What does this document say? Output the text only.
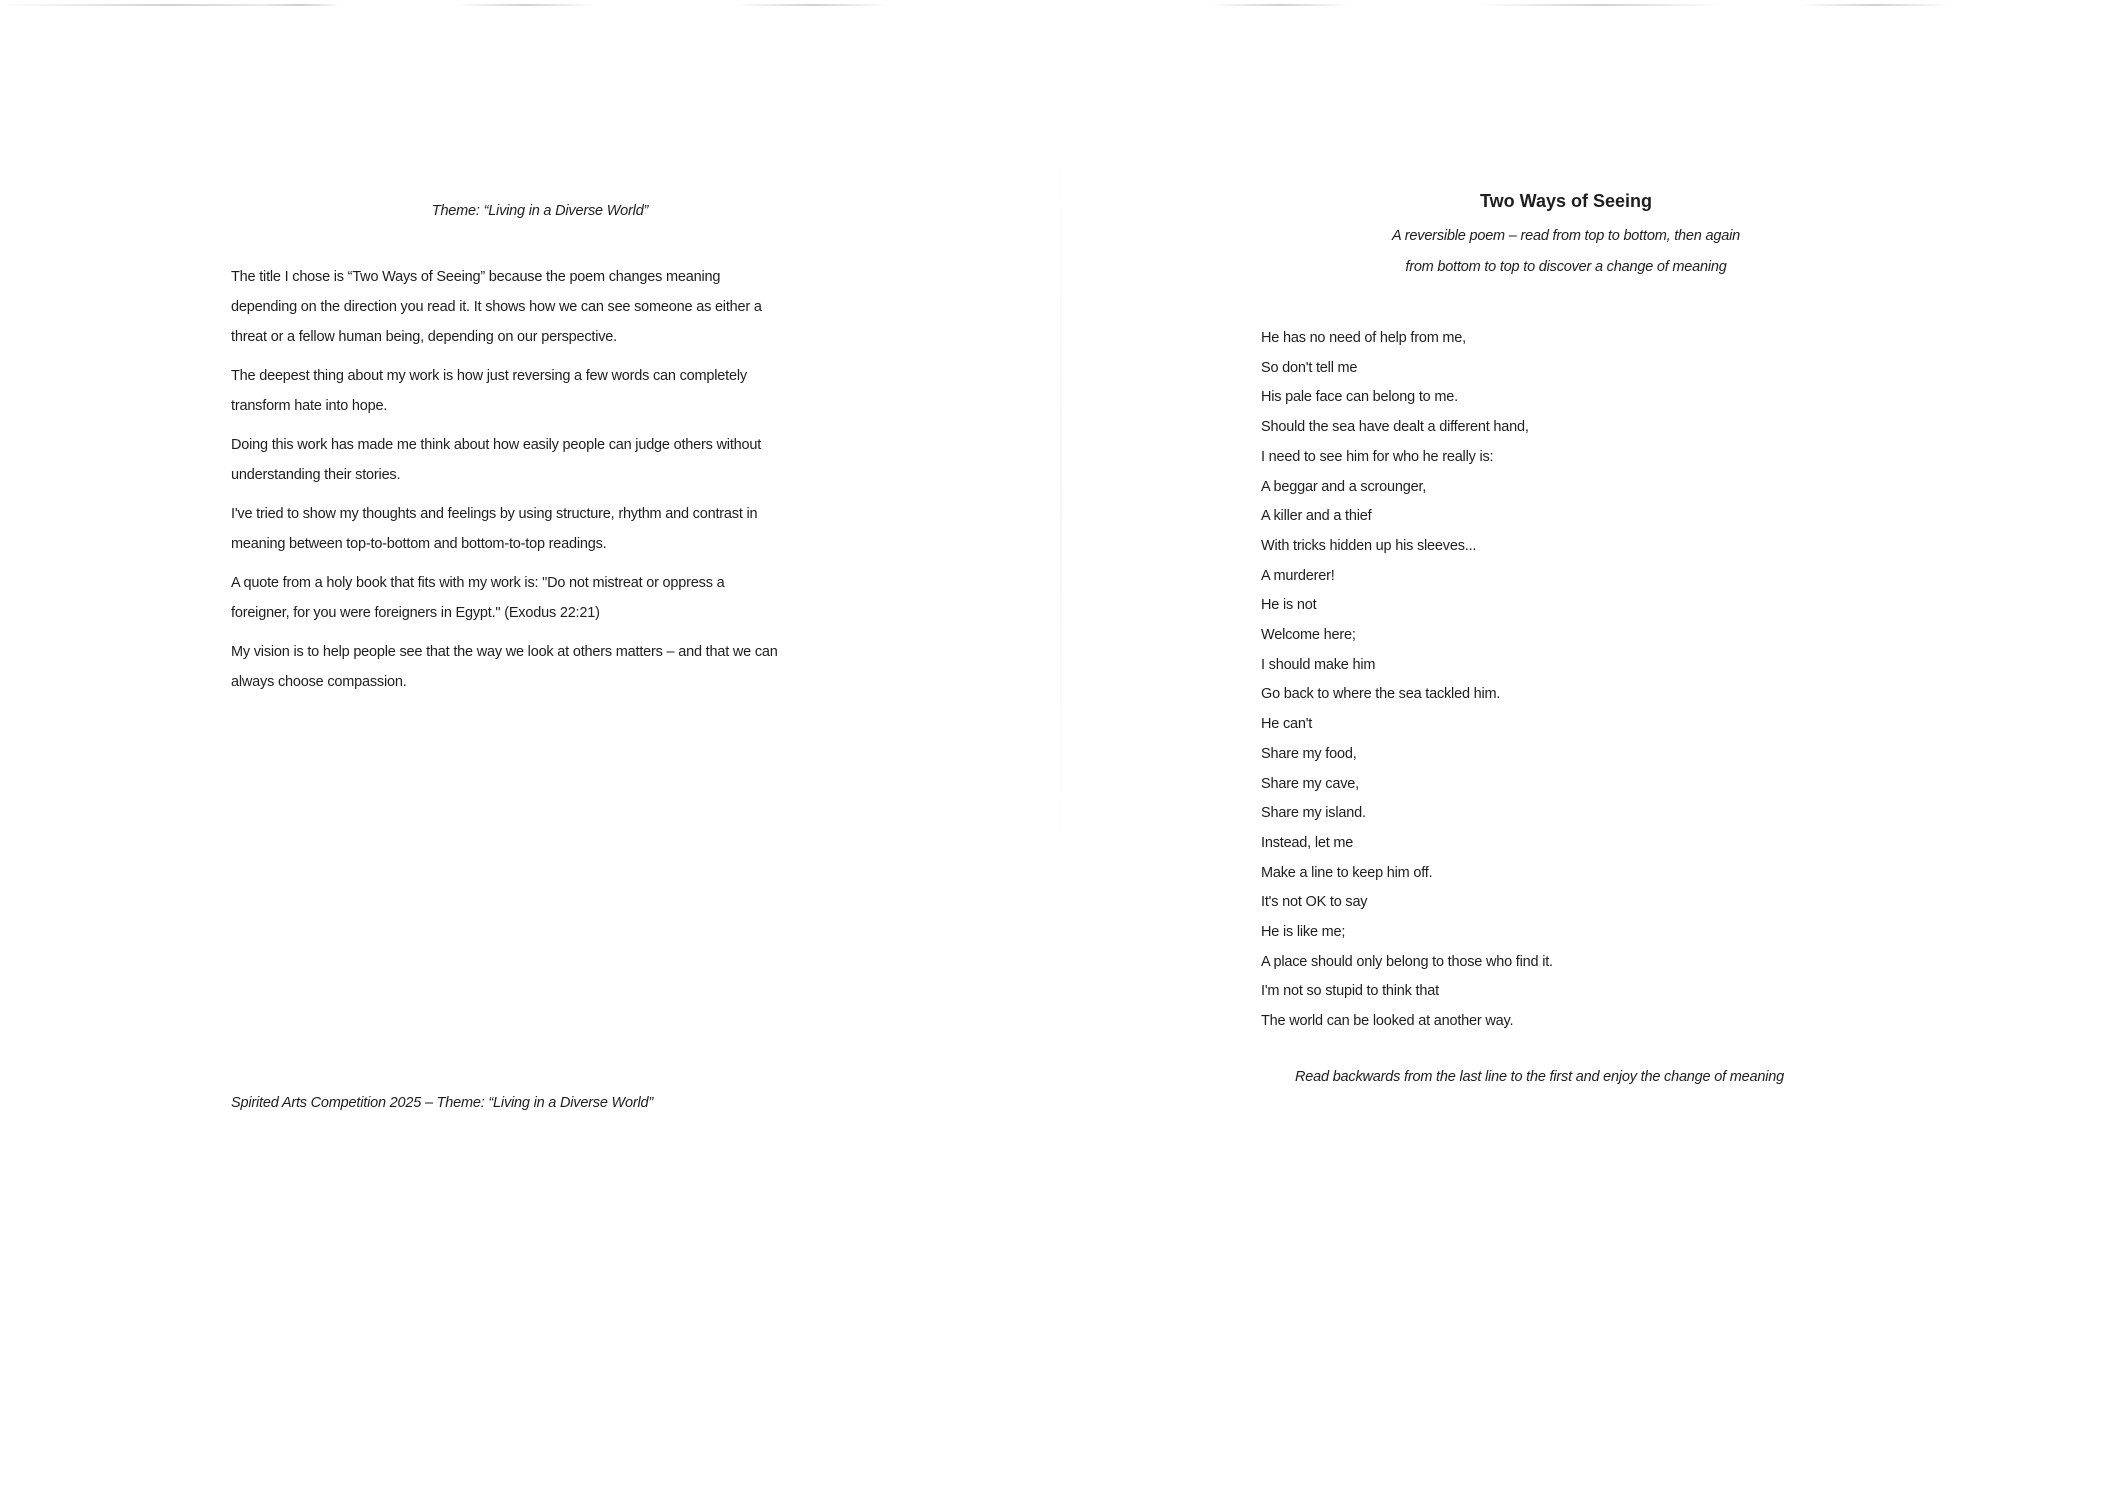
Theme: “Living in a Diverse World”

The title I chose is “Two Ways of Seeing” because the poem changes meaning
depending on the direction you read it. It shows how we can see someone as either a
threat or a fellow human being, depending on our perspective.

The deepest thing about my work is how just reversing a few words can completely
transform hate into hope.

Doing this work has made me think about how easily people can judge others without
understanding their stories.

I've tried to show my thoughts and feelings by using structure, rhythm and contrast in
meaning between top-to-bottom and bottom-to-top readings.

A quote from a holy book that fits with my work is: "Do not mistreat or oppress a
foreigner, for you were foreigners in Egypt." (Exodus 22:21)

My vision is to help people see that the way we look at others matters – and that we can
always choose compassion.

Spirited Arts Competition 2025 – Theme: “Living in a Diverse World”
Two Ways of Seeing
A reversible poem – read from top to bottom, then again
from bottom to top to discover a change of meaning
He has no need of help from me,
So don't tell me
His pale face can belong to me.
Should the sea have dealt a different hand,
I need to see him for who he really is:
A beggar and a scrounger,
A killer and a thief
With tricks hidden up his sleeves...
A murderer!
He is not
Welcome here;
I should make him
Go back to where the sea tackled him.
He can't
Share my food,
Share my cave,
Share my island.
Instead, let me
Make a line to keep him off.
It's not OK to say
He is like me;
A place should only belong to those who find it.
I'm not so stupid to think that
The world can be looked at another way.
Read backwards from the last line to the first and enjoy the change of meaning
